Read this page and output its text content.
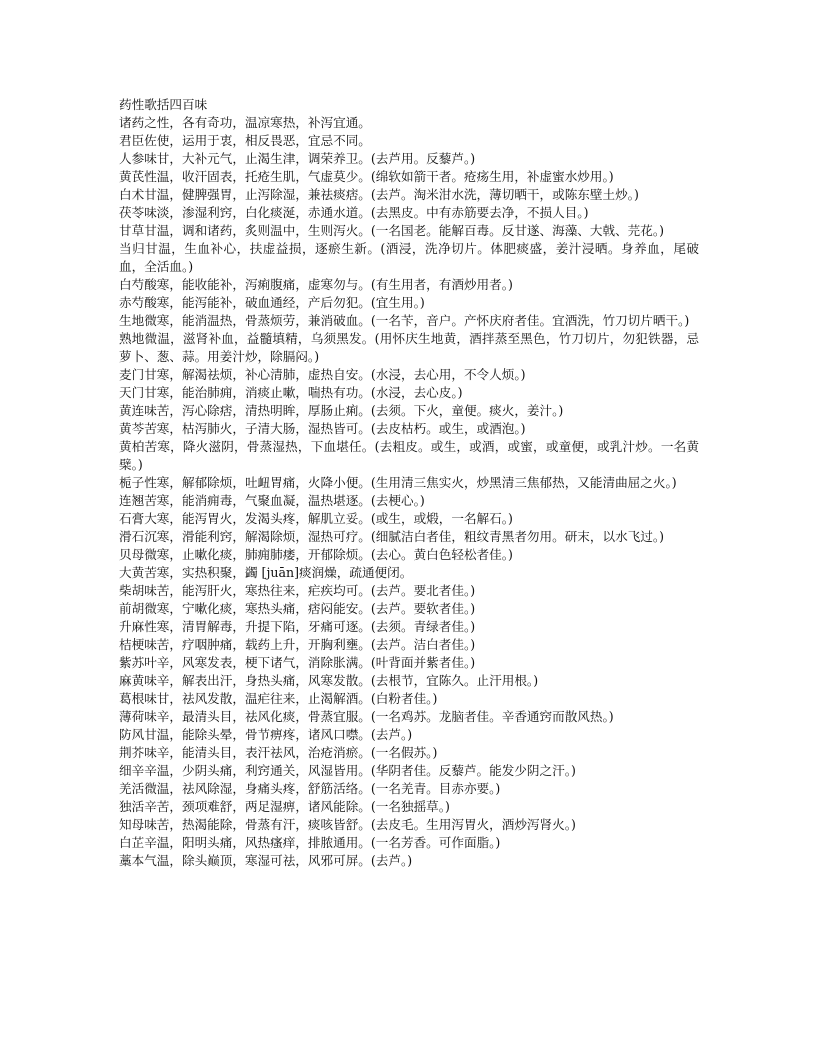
药性歌括四百味
诸药之性，各有奇功，温凉寒热，补泻宜通。
君臣佐使，运用于衷，相反畏恶，宜忌不同。
人参味甘，大补元气，止渴生津，调荣养卫。(去芦用。反藜芦。)
黄芪性温，收汗固表，托疮生肌，气虚莫少。(绵软如箭干者。疮疡生用，补虚蜜水炒用。)
白术甘温，健脾强胃，止泻除湿，兼祛痰痞。(去芦。淘米泔水洗，薄切晒干，或陈东壁土炒。)
茯苓味淡，渗湿利窍，白化痰涎，赤通水道。(去黑皮。中有赤筋要去净，不损人目。)
甘草甘温，调和诸药，炙则温中，生则泻火。(一名国老。能解百毒。反甘遂、海藻、大戟、芫花。)
当归甘温，生血补心，扶虚益损，逐瘀生新。(酒浸，洗净切片。体肥痰盛，姜汁浸晒。身养血，尾破血，全活血。)
白芍酸寒，能收能补，泻痢腹痛，虚寒勿与。(有生用者，有酒炒用者。)
赤芍酸寒，能泻能补，破血通经，产后勿犯。(宜生用。)
生地微寒，能消温热，骨蒸烦劳，兼消破血。(一名苄，音户。产怀庆府者佳。宜酒洗，竹刀切片晒干。)
熟地微温，滋肾补血，益髓填精，乌须黑发。(用怀庆生地黄，酒拌蒸至黑色，竹刀切片，勿犯铁器，忌萝卜、葱、蒜。用姜汁炒，除膈闷。)
麦门甘寒，解渴祛烦，补心清肺，虚热自安。(水浸，去心用，不令人烦。)
天门甘寒，能治肺痈，消痰止嗽，喘热有功。(水浸，去心皮。)
黄连味苦，泻心除痞，清热明眸，厚肠止痢。(去须。下火，童便。痰火，姜汁。)
黄芩苦寒，枯泻肺火，子清大肠，湿热皆可。(去皮枯朽。或生，或酒泡。)
黄柏苦寒，降火滋阴，骨蒸湿热，下血堪任。(去粗皮。或生，或酒，或蜜，或童便，或乳汁炒。一名黄檗。)
栀子性寒，解郁除烦，吐衄胃痛，火降小便。(生用清三焦实火，炒黑清三焦郁热，又能清曲屈之火。)
连翘苦寒，能消痈毒，气聚血凝，温热堪逐。(去梗心。)
石膏大寒，能泻胃火，发渴头疼，解肌立妥。(或生，或煅，一名解石。)
滑石沉寒，滑能利窍，解渴除烦，湿热可疗。(细腻洁白者佳，粗纹青黑者勿用。研末，以水飞过。)
贝母微寒，止嗽化痰，肺痈肺痿，开郁除烦。(去心。黄白色轻松者佳。)
大黄苦寒，实热积聚，蠲 [juān]痰润燥，疏通便闭。
柴胡味苦，能泻肝火，寒热往来，疟疾均可。(去芦。要北者佳。)
前胡微寒，宁嗽化痰，寒热头痛，痞闷能安。(去芦。要软者佳。)
升麻性寒，清胃解毒，升提下陷，牙痛可逐。(去须。青绿者佳。)
桔梗味苦，疗咽肿痛，载药上升，开胸利壅。(去芦。洁白者佳。)
紫苏叶辛，风寒发表，梗下诸气，消除胀满。(叶背面并紫者佳。)
麻黄味辛，解表出汗，身热头痛，风寒发散。(去根节，宜陈久。止汗用根。)
葛根味甘，祛风发散，温疟往来，止渴解酒。(白粉者佳。)
薄荷味辛，最清头目，祛风化痰，骨蒸宜服。(一名鸡苏。龙脑者佳。辛香通窍而散风热。)
防风甘温，能除头晕，骨节痹疼，诸风口噤。(去芦。)
荆芥味辛，能清头目，表汗祛风，治疮消瘀。(一名假苏。)
细辛辛温，少阴头痛，利窍通关，风湿皆用。(华阴者佳。反藜芦。能发少阴之汗。)
羌活微温，祛风除湿，身痛头疼，舒筋活络。(一名羌青。目赤亦要。)
独活辛苦，颈项难舒，两足湿痹，诸风能除。(一名独摇草。)
知母味苦，热渴能除，骨蒸有汗，痰咳皆舒。(去皮毛。生用泻胃火，酒炒泻肾火。)
白芷辛温，阳明头痛，风热瘙痒，排脓通用。(一名芳香。可作面脂。)
藁本气温，除头巅顶，寒湿可祛，风邪可屏。(去芦。)
